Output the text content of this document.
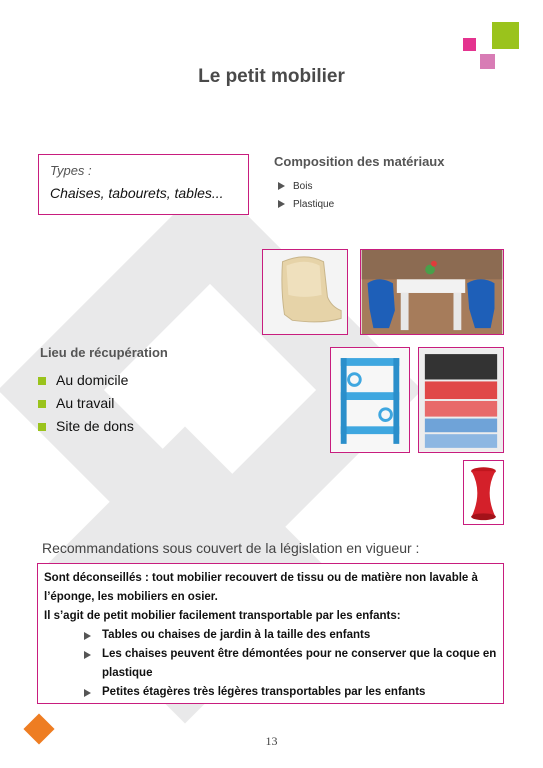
Le petit mobilier
Types :
Chaises, tabourets, tables...
Composition des matériaux
Bois
Plastique
Lieu de récupération
Au domicile
Au travail
Site de dons
Recommandations sous couvert de la législation en vigueur :
Sont déconseillés : tout mobilier recouvert de tissu ou de matière non lavable à l’éponge, les mobiliers en osier.
Il s’agit de petit mobilier facilement transportable par les enfants:
Tables ou chaises de jardin à la taille des enfants
Les chaises peuvent être démontées pour ne conserver que la coque en plastique
Petites étagères très légères transportables par les enfants
13
